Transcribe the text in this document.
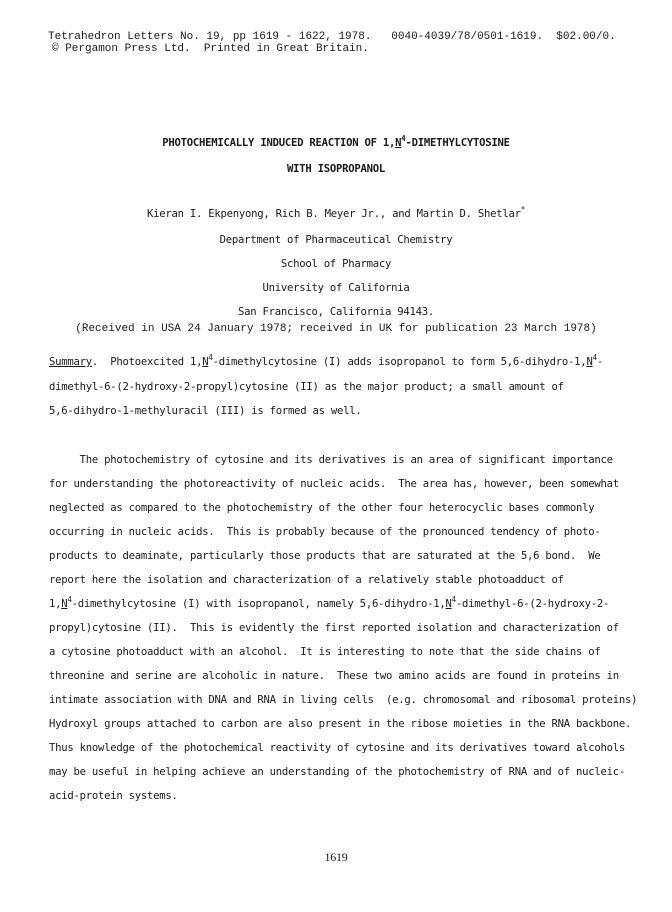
Tetrahedron Letters No. 19, pp 1619 - 1622, 1978. 0040-4039/78/0501-1619. $02.00/0.
© Pergamon Press Ltd.  Printed in Great Britain.
PHOTOCHEMICALLY INDUCED REACTION OF $1,N^4$-DIMETHYLCYTOSINE
WITH ISOPROPANOL
Kieran I. Ekpenyong, Rich B. Meyer Jr., and Martin D. Shetlar*
Department of Pharmaceutical Chemistry
School of Pharmacy
University of California
San Francisco, California 94143.
(Received in USA 24 January 1978; received in UK for publication 23 March 1978)
Summary.  Photoexcited $1,N^4$-dimethylcytosine (I) adds isopropanol to form $5,6-dihydro-1,N^4-$
dimethyl-6-(2-hydroxy-2-propyl)cytosine (II) as the major product; a small amount of
5,6-dihydro-1-methyluracil (III) is formed as well.
The photochemistry of cytosine and its derivatives is an area of significant importance
for understanding the photoreactivity of nucleic acids.  The area has, however, been somewhat
neglected as compared to the photochemistry of the other four heterocyclic bases commonly
occurring in nucleic acids.  This is probably because of the pronounced tendency of photo-
products to deaminate, particularly those products that are saturated at the 5,6 bond.  We
report here the isolation and characterization of a relatively stable photoadduct of
$1,N^4$-dimethylcytosine (I) with isopropanol, namely $5,6-dihydro-1,N^4-dimethyl-6-(2-hydroxy-2-$
propyl)cytosine (II).  This is evidently the first reported isolation and characterization of
a cytosine photoadduct with an alcohol.  It is interesting to note that the side chains of
threonine and serine are alcoholic in nature.  These two amino acids are found in proteins in
intimate association with DNA and RNA in living cells  (e.g. chromosomal and ribosomal proteins)
Hydroxyl groups attached to carbon are also present in the ribose moieties in the RNA backbone.
Thus knowledge of the photochemical reactivity of cytosine and its derivatives toward alcohols
may be useful in helping achieve an understanding of the photochemistry of RNA and of nucleic-
acid-protein systems.
1619
